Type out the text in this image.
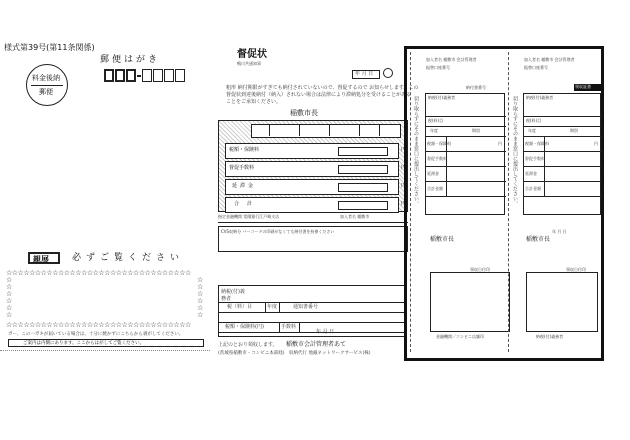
様式第39号(第11条関係)
郵便はがき
料金後納
郵便
親展	必ずご覧ください
☆☆☆☆☆☆☆☆☆☆☆☆☆☆☆☆☆☆☆☆☆☆☆☆☆☆☆☆☆☆☆☆
☆☆☆☆☆☆☆☆☆☆☆☆☆☆☆☆☆☆☆☆☆☆☆☆☆☆☆☆☆☆☆☆
☆
☆
☆
☆
☆
☆
☆
☆
☆
☆
☆
☆
ガー、このハガキが届いている場合は、十分に焼かずにこちらから剥がしてください。
ご案内は内側にあります。ここからはがしてご覧ください。
督促状
鴨川共通知事
年 月 日
粗形 納付期限がすぎても納付されていないので、督促するので お知らせします。この
督促状到達後納付（納入）されない場合は法律により滞納処分を受けることがある
ことをご承知ください。
稲敷市長
税額・保険料	円
督促手数料	円
延滞金	円
合計	円
指定金融機関 常陽銀行江戸崎支店	加入者名 稲敷市
CVS収納分 バーコードの印刷がなくても納付書を持参ください
納税(付)義務者
税（料）目	年度	通知書番号
税額・保険料(円)	手数料
年 月 日
上記のとおり領収します。 稲敷市会計管理者あて
(茨城県稲敷市・コンビニ本部経)　収納代行 地銀ネットワークサービス(株)
加入者名 稲敷市 会計管理者
振替口座番号
納税(付)義務者
納付書番号
税(料)目
年度	期別
税額・保険料
督促手数料
延滞金
合計金額
円
稲敷市長
領収日付印
金融機関／コンビニ店舗印
切り取らずにそのまま窓口に提出してください。	切り取らずにそのまま窓口に提出してください。
加入者名 稲敷市 会計管理者
振替口座番号
納税(付)義務者
領収証書
税(料)目
年度	期別
税額・保険料
督促手数料
延滞金
合計金額
円
年 月 日
稲敷市長
領収日付印
納税(付)義務者
